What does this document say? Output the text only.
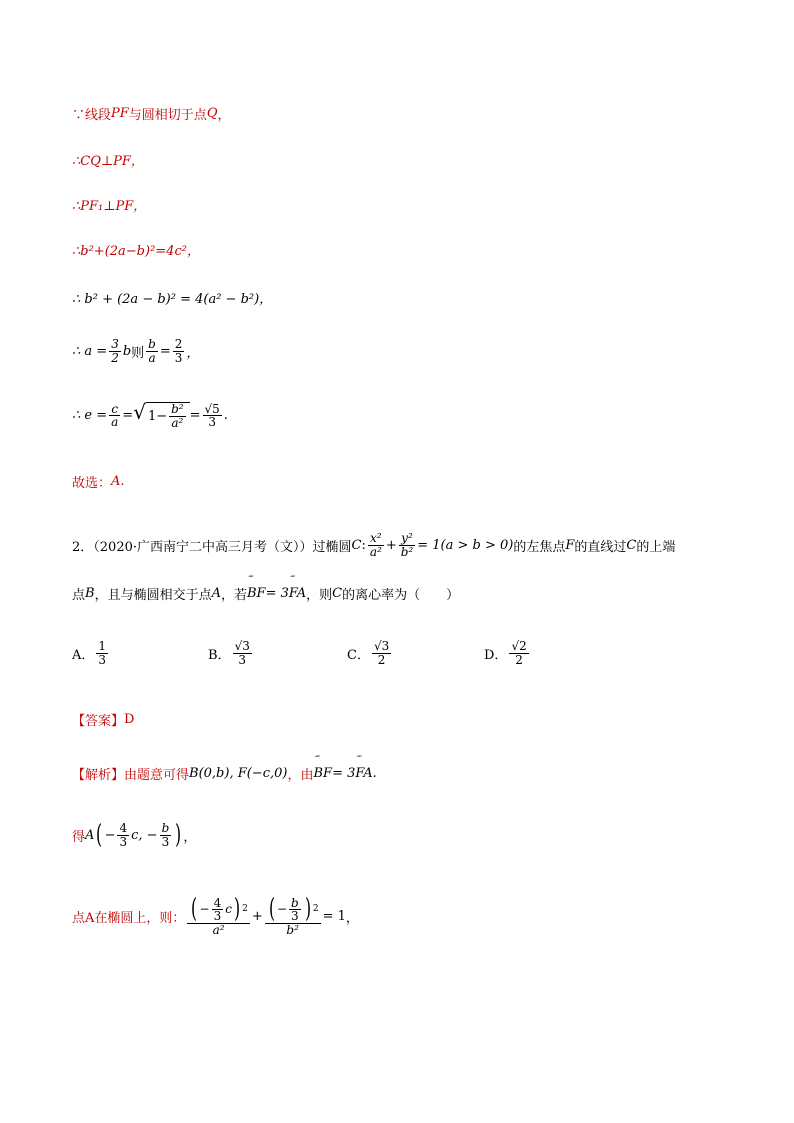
∵线段 PF 与圆相切于点 Q ，
∴CQ⊥PF，
∴PF₁⊥PF，
∴b²+(2a−b)²=4c²，
∴ b² + (2a − b)² = 4(a² − b²)，
∴ $a = \frac{3}{2}$ b 则 $\frac{b}{a} = \frac{2}{3}$ ，
∴ $e = \frac{c}{a}$ = √ $1- \frac{\text{b²}}{\text{a²}} = \frac{√5}{3}$ .
故选： A.
2．（2020·广西南宁二中高三月考（文））过椭圆 C : $\frac{\text{x²}}{\text{a²}} + \frac{\text{y²}}{\text{b²}} = 1(a > b > 0)$ 的左焦点 F 的直线过 C 的上端
点 B ，且与椭圆相交于点 A ，若 ˝˝ BF = 3 ˝˝ FA ，则 C 的离心率为（　　）
A． $\frac{1}{3}$	B． $\frac{√3}{3}$	C． $\frac{√3}{2}$	D． $\frac{√2}{2}$
【答案】 D
【解析】 由题意可得 B(0,b), F(−c,0) ，由 ˝˝ BF = 3 ˝˝ FA .
得 A ( − $\frac{4}{3} c$, − $\frac{b}{3}$ ) ，
点A在椭圆上，则： $\frac{( - \frac{4}{3} c ) 2}{\text{a²}} + \frac{( - \frac{b}{3} ) 2}{\text{b²}} = 1$ ，
